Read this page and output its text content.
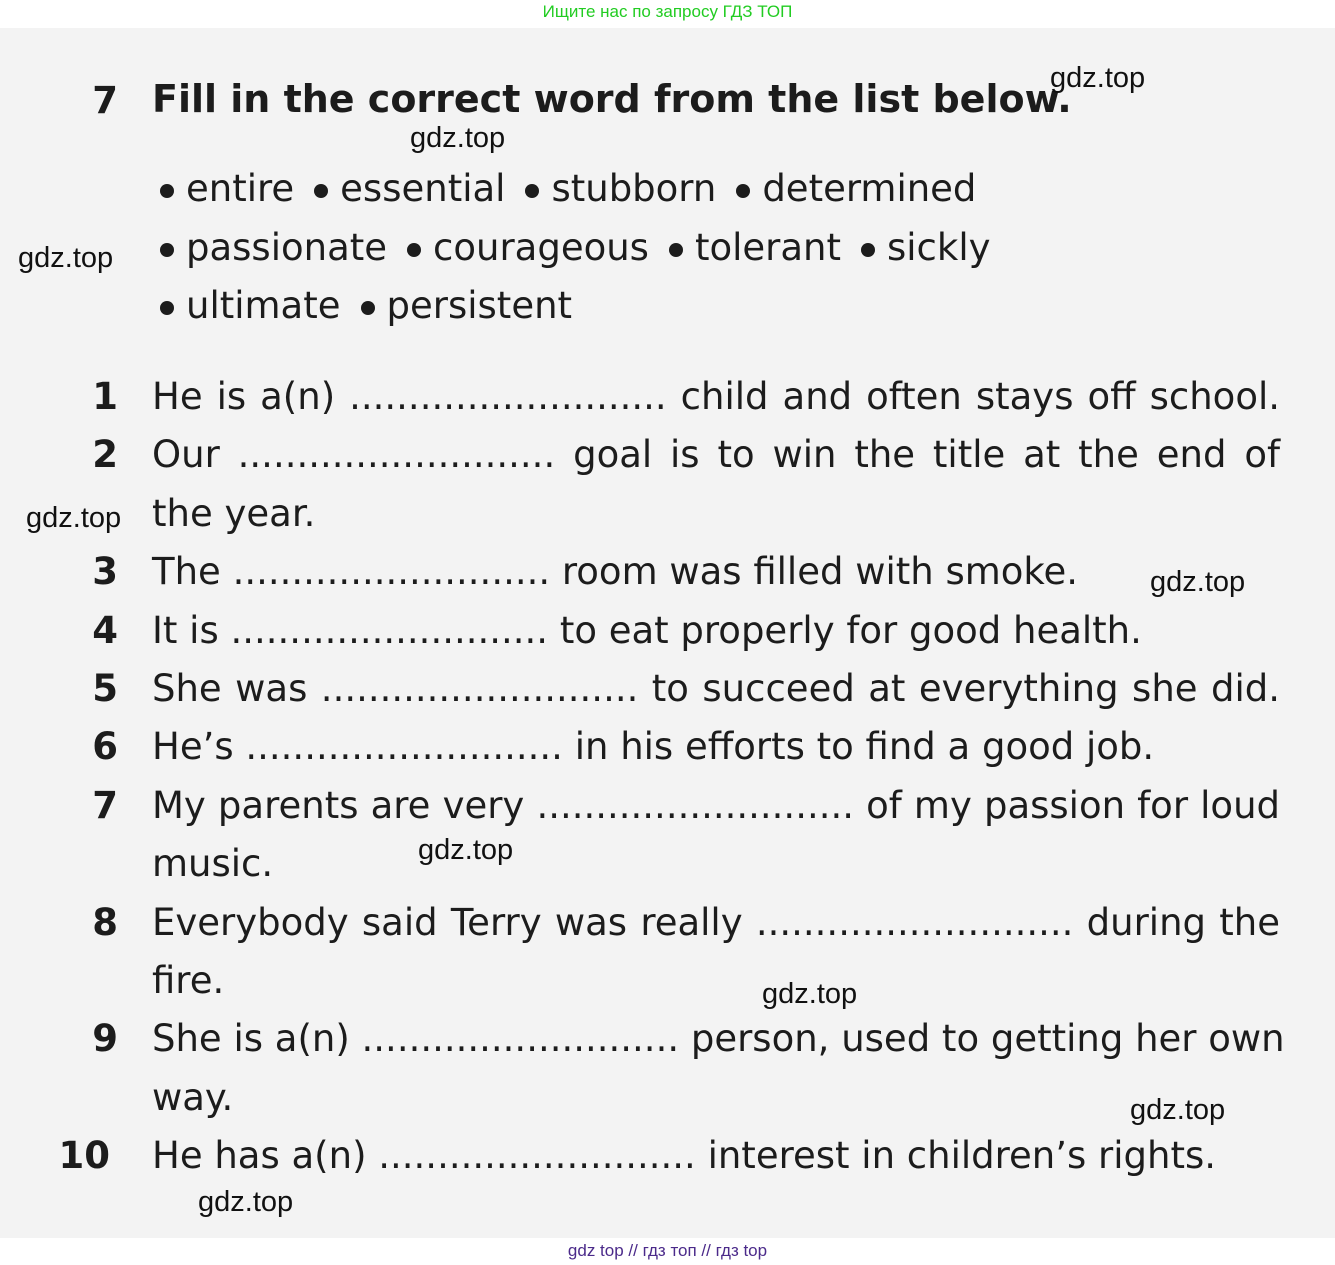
Ищите нас по запросу ГДЗ ТОП
7 Fill in the correct word from the list below.
entire essential stubborn determined
passionate courageous tolerant sickly
ultimate persistent
1 He is a(n) ........................... child and often stays off school.
2 Our ........................... goal is to win the title at the end of
the year.
3 The ........................... room was filled with smoke.
4 It is ........................... to eat properly for good health.
5 She was ........................... to succeed at everything she did.
6 He’s ........................... in his efforts to find a good job.
7 My parents are very ........................... of my passion for loud
music.
8 Everybody said Terry was really ........................... during the
fire.
9 She is a(n) ........................... person, used to getting her own
way.
10 He has a(n) ........................... interest in children’s rights.
gdz.top
gdz.top
gdz.top
gdz.top
gdz.top
gdz.top
gdz.top
gdz.top
gdz.top
gdz top // гдз топ // гдз top
